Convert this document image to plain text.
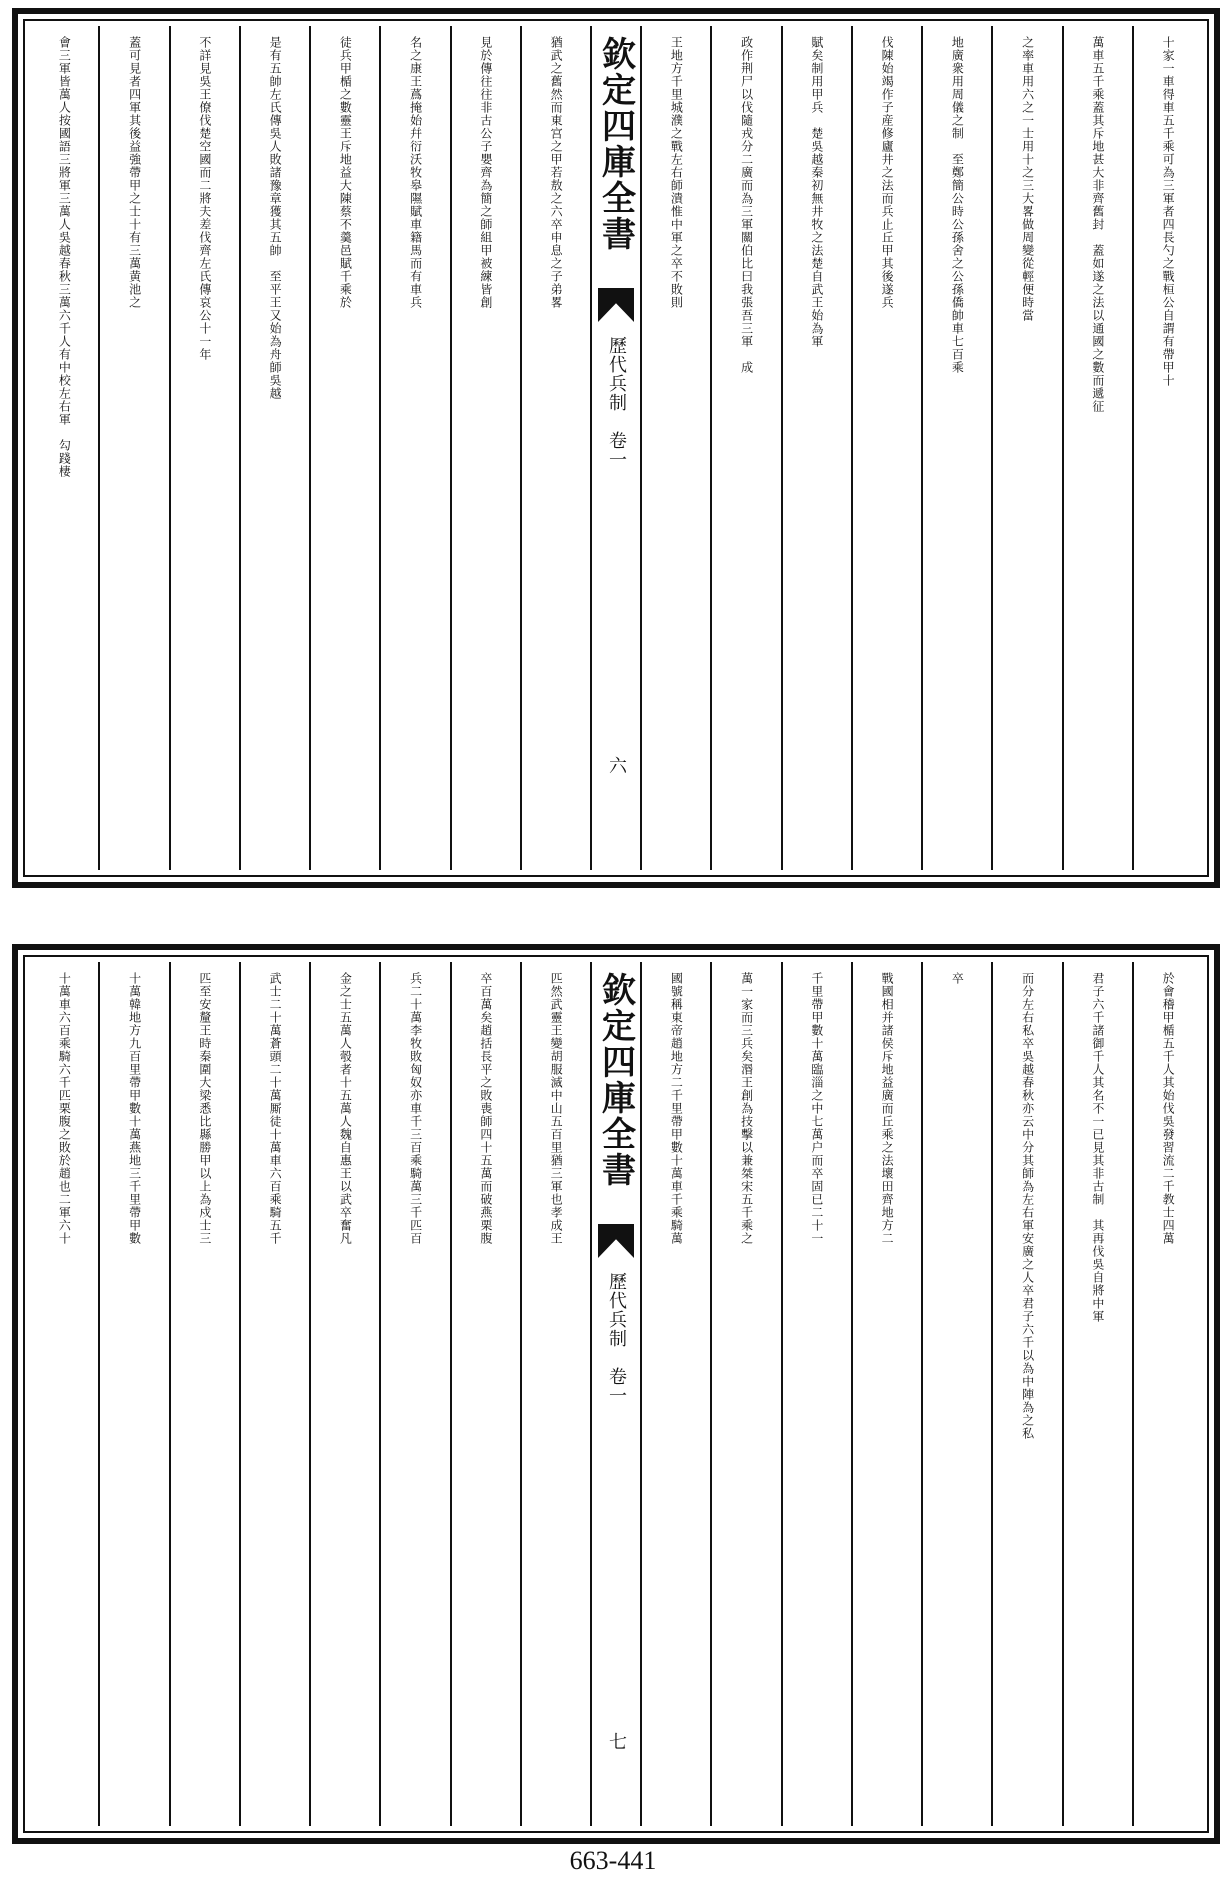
十家一車得車五千乘可為三軍者四長勺之戰桓公自謂有帶甲十
萬車五千乘蓋其斥地甚大非齊舊封　蓋如遂之法以通國之數而遞征
之率車用六之一士用十之三大畧做周變從輕便時當
地廣衆用周儀之制　至鄭簡公時公孫舍之公孫僑帥車七百乘
伐陳始竭作子産修廬井之法而兵止丘甲其後遂兵
賦矣制用甲兵　楚吳越秦初無井牧之法楚自武王始為軍
政作荆尸以伐隨戎分二廣而為三軍關伯比曰我張吾三軍　成
王地方千里城濮之戰左右師潰惟中軍之卒不敗則
欽定四庫全書
歷代兵制　卷一
六
猶武之舊然而東宫之甲若敖之六卒申息之子弟畧
見於傳往往非古公子嬰齊為簡之師組甲被練皆創
名之康王蔿掩始幷衍沃牧皋隰賦車籍馬而有車兵
徒兵甲楯之數靈王斥地益大陳蔡不羹邑賦千乘於
是有五帥左氏傳吳人敗諸豫章獲其五帥　至平王又始為舟師吳越
不詳見吳王僚伐楚空國而二將夫差伐齊左氏傳哀公十一年
蓋可見者四軍其後益強帶甲之士十有三萬黄池之
會三軍皆萬人按國語三將軍三萬人吳越春秋三萬六千人有中校左右軍　勾踐棲
於會稽甲楯五千人其始伐吳發習流二千教士四萬
君子六千諸御千人其名不一已見其非古制　其再伐吳自將中軍
而分左右私卒吳越春秋亦云中分其師為左右軍安廣之人卒君子六千以為中陣為之私
卒
戰國相并諸侯斥地益廣而丘乘之法壞田齊地方二
千里帶甲數十萬臨淄之中七萬户而卒固已二十一
萬一家而三兵矣湣王創為技擊以兼桀宋五千乘之
國號稱東帝趙地方二千里帶甲數十萬車千乘騎萬
欽定四庫全書
歷代兵制　卷一
七
匹然武靈王變胡服滅中山五百里猶三軍也孝成王
卒百萬矣趙括長平之敗喪師四十五萬而破燕栗腹
兵二十萬李牧敗匈奴亦車千三百乘騎萬三千匹百
金之士五萬人彀者十五萬人魏自惠王以武卒奮凡
武士二十萬蒼頭二十萬厮徒十萬車六百乘騎五千
匹至安釐王時秦圍大梁悉比縣勝甲以上為戍士三
十萬韓地方九百里帶甲數十萬燕地三千里帶甲數
十萬車六百乘騎六千匹栗腹之敗於趙也二軍六十
663-441
